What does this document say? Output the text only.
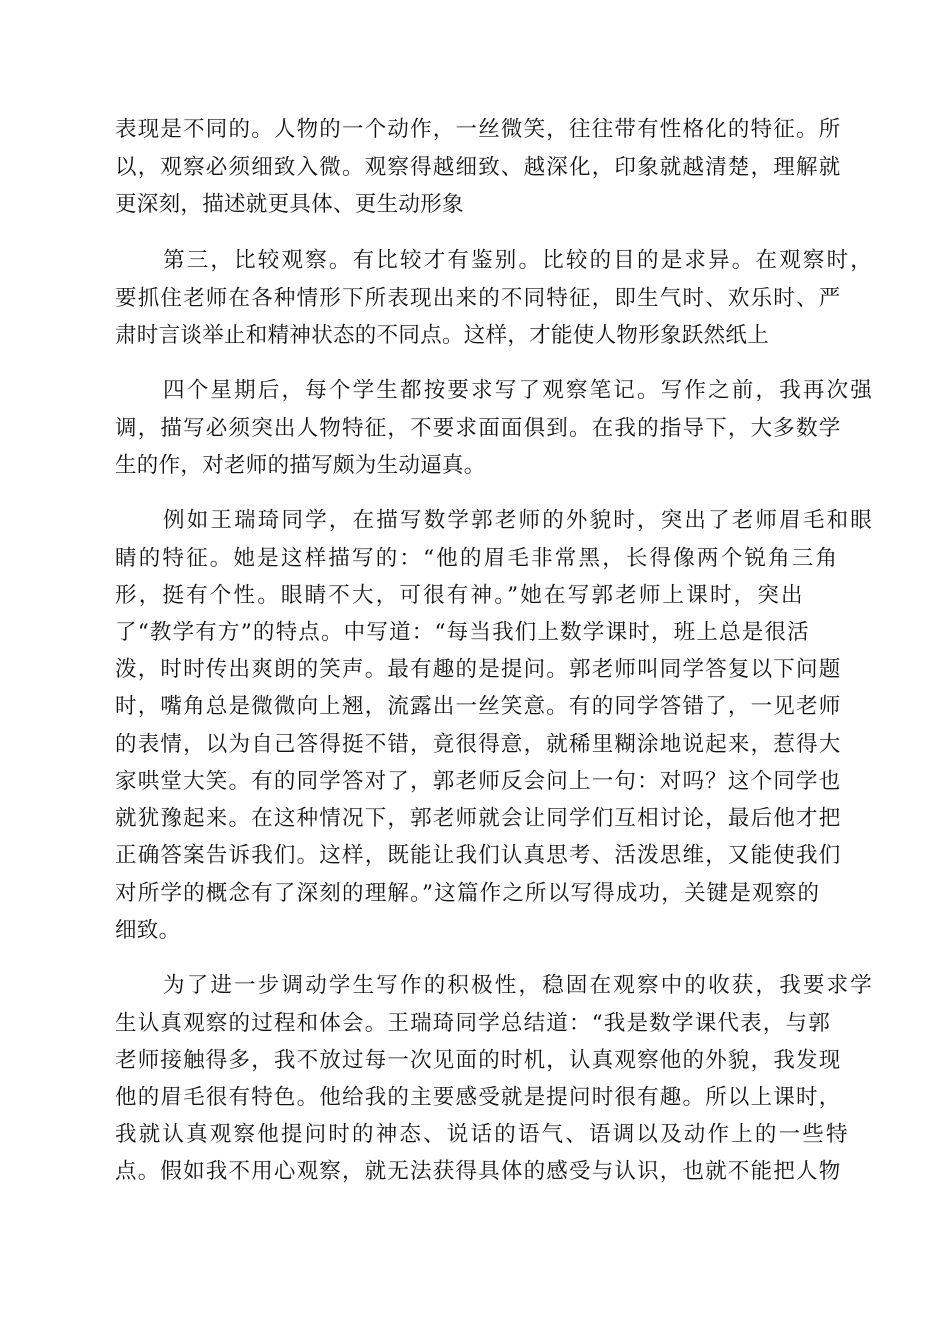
表现是不同的。人物的一个动作，一丝微笑，往往带有性格化的特征。所
以，观察必须细致入微。观察得越细致、越深化，印象就越清楚，理解就
更深刻，描述就更具体、更生动形象
第三，比较观察。有比较才有鉴别。比较的目的是求异。在观察时，
要抓住老师在各种情形下所表现出来的不同特征，即生气时、欢乐时、严
肃时言谈举止和精神状态的不同点。这样，才能使人物形象跃然纸上
四个星期后，每个学生都按要求写了观察笔记。写作之前，我再次强
调，描写必须突出人物特征，不要求面面俱到。在我的指导下，大多数学
生的作，对老师的描写颇为生动逼真。
例如王瑞琦同学，在描写数学郭老师的外貌时，突出了老师眉毛和眼
睛的特征。她是这样描写的：“他的眉毛非常黑，长得像两个锐角三角
形，挺有个性。眼睛不大，可很有神。”她在写郭老师上课时，突出
了“教学有方”的特点。中写道：“每当我们上数学课时，班上总是很活
泼，时时传出爽朗的笑声。最有趣的是提问。郭老师叫同学答复以下问题
时，嘴角总是微微向上翘，流露出一丝笑意。有的同学答错了，一见老师
的表情，以为自己答得挺不错，竟很得意，就稀里糊涂地说起来，惹得大
家哄堂大笑。有的同学答对了，郭老师反会问上一句：对吗？这个同学也
就犹豫起来。在这种情况下，郭老师就会让同学们互相讨论，最后他才把
正确答案告诉我们。这样，既能让我们认真思考、活泼思维，又能使我们
对所学的概念有了深刻的理解。”这篇作之所以写得成功，关键是观察的
细致。
为了进一步调动学生写作的积极性，稳固在观察中的收获，我要求学
生认真观察的过程和体会。王瑞琦同学总结道：“我是数学课代表，与郭
老师接触得多，我不放过每一次见面的时机，认真观察他的外貌，我发现
他的眉毛很有特色。他给我的主要感受就是提问时很有趣。所以上课时，
我就认真观察他提问时的神态、说话的语气、语调以及动作上的一些特
点。假如我不用心观察，就无法获得具体的感受与认识，也就不能把人物
